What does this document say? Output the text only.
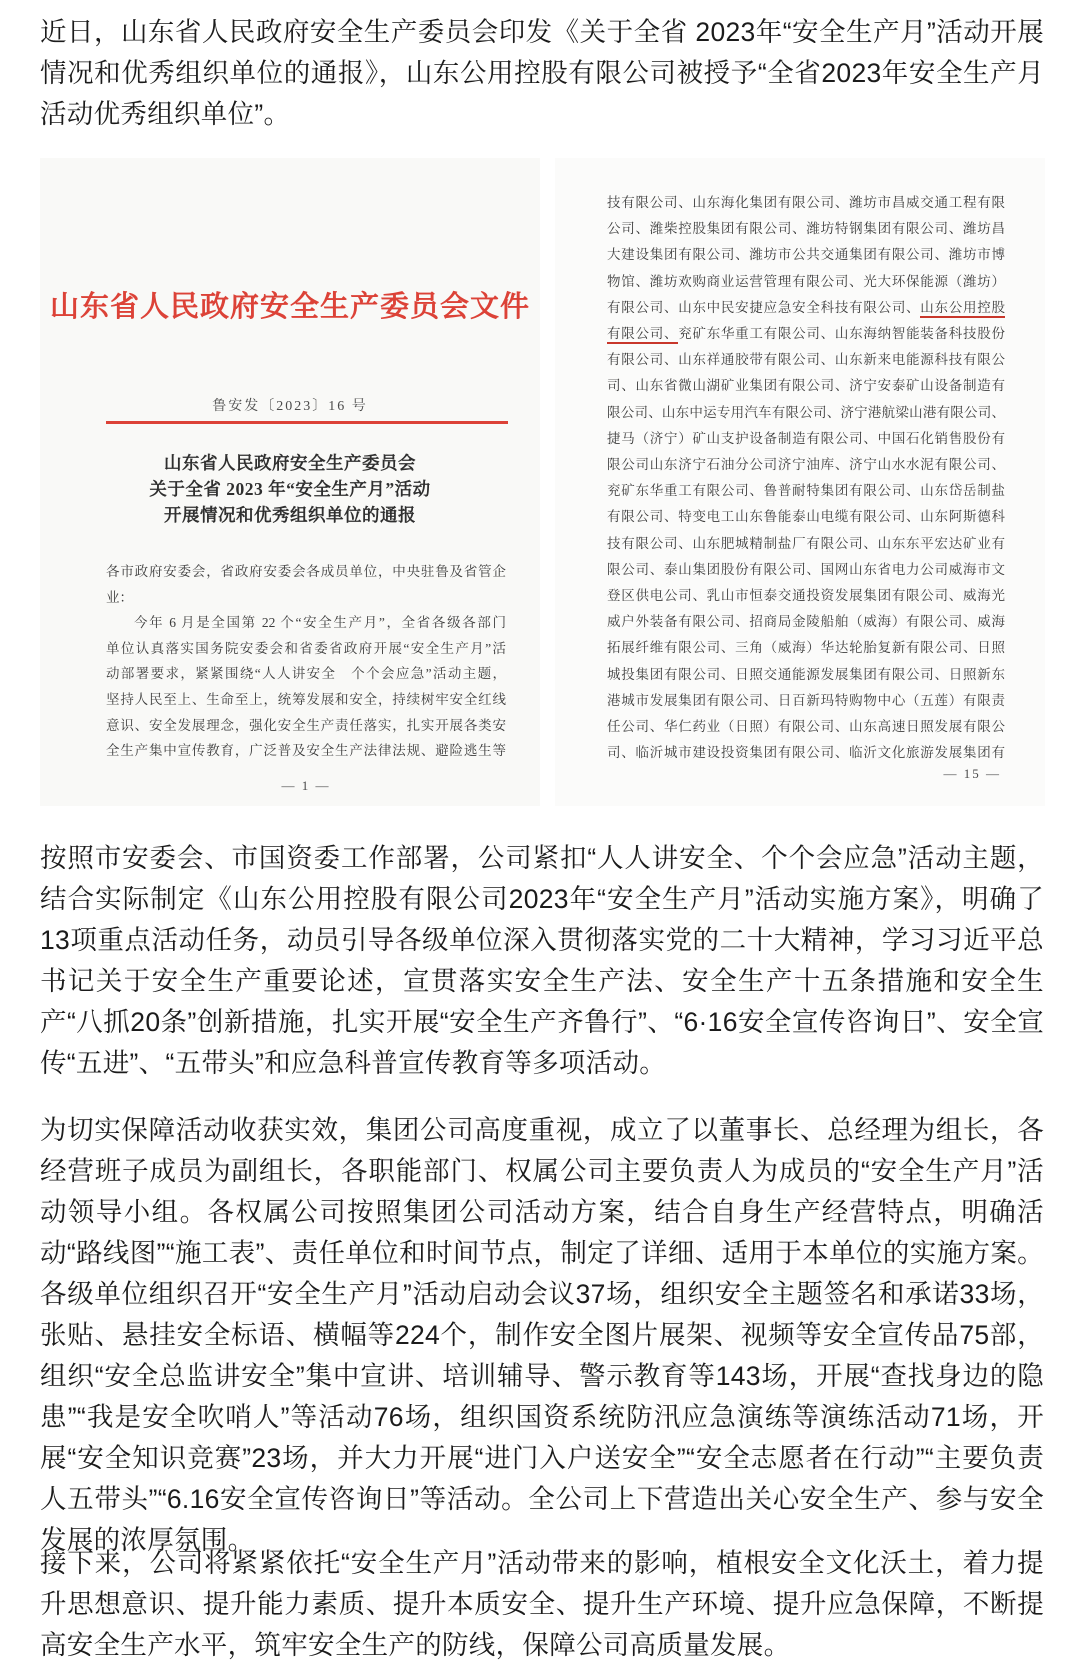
近日，山东省人民政府安全生产委员会印发《关于全省 2023年“安全生产月”活动开展情况和优秀组织单位的通报》，山东公用控股有限公司被授予“全省2023年安全生产月活动优秀组织单位”。

山东省人民政府安全生产委员会文件
鲁安发〔2023〕16 号
山东省人民政府安全生产委员会
关于全省 2023 年“安全生产月”活动
开展情况和优秀组织单位的通报
各市政府安委会，省政府安委会各成员单位，中央驻鲁及省管企
业：
今年 6 月是全国第 22 个“安全生产月”，全省各级各部门
单位认真落实国务院安委会和省委省政府开展“安全生产月”活
动部署要求，紧紧围绕“人人讲安全　个个会应急”活动主题，
坚持人民至上、生命至上，统筹发展和安全，持续树牢安全红线
意识、安全发展理念，强化安全生产责任落实，扎实开展各类安
全生产集中宣传教育，广泛普及安全生产法律法规、避险逃生等
— 1 —
技有限公司、山东海化集团有限公司、潍坊市昌威交通工程有限
公司、潍柴控股集团有限公司、潍坊特钢集团有限公司、潍坊昌
大建设集团有限公司、潍坊市公共交通集团有限公司、潍坊市博
物馆、潍坊欢购商业运营管理有限公司、光大环保能源（潍坊）
有限公司、山东中民安捷应急安全科技有限公司、山东公用控股
有限公司、兖矿东华重工有限公司、山东海纳智能装备科技股份
有限公司、山东祥通胶带有限公司、山东新来电能源科技有限公
司、山东省微山湖矿业集团有限公司、济宁安泰矿山设备制造有
限公司、山东中运专用汽车有限公司、济宁港航梁山港有限公司、
捷马（济宁）矿山支护设备制造有限公司、中国石化销售股份有
限公司山东济宁石油分公司济宁油库、济宁山水水泥有限公司、
兖矿东华重工有限公司、鲁普耐特集团有限公司、山东岱岳制盐
有限公司、特变电工山东鲁能泰山电缆有限公司、山东阿斯德科
技有限公司、山东肥城精制盐厂有限公司、山东东平宏达矿业有
限公司、泰山集团股份有限公司、国网山东省电力公司威海市文
登区供电公司、乳山市恒泰交通投资发展集团有限公司、威海光
威户外装备有限公司、招商局金陵船舶（威海）有限公司、威海
拓展纤维有限公司、三角（威海）华达轮胎复新有限公司、日照
城投集团有限公司、日照交通能源发展集团有限公司、日照新东
港城市发展集团有限公司、日百新玛特购物中心（五莲）有限责
任公司、华仁药业（日照）有限公司、山东高速日照发展有限公
司、临沂城市建设投资集团有限公司、临沂文化旅游发展集团有
— 15 —

按照市安委会、市国资委工作部署，公司紧扣“人人讲安全、个个会应急”活动主题，结合实际制定《山东公用控股有限公司2023年“安全生产月”活动实施方案》，明确了13项重点活动任务，动员引导各级单位深入贯彻落实党的二十大精神，学习习近平总书记关于安全生产重要论述，宣贯落实安全生产法、安全生产十五条措施和安全生产“八抓20条”创新措施，扎实开展“安全生产齐鲁行”、“6·16安全宣传咨询日”、安全宣传“五进”、“五带头”和应急科普宣传教育等多项活动。

为切实保障活动收获实效，集团公司高度重视，成立了以董事长、总经理为组长，各经营班子成员为副组长，各职能部门、权属公司主要负责人为成员的“安全生产月”活动领导小组。各权属公司按照集团公司活动方案，结合自身生产经营特点，明确活动“路线图”“施工表”、责任单位和时间节点，制定了详细、适用于本单位的实施方案。各级单位组织召开“安全生产月”活动启动会议37场，组织安全主题签名和承诺33场，张贴、悬挂安全标语、横幅等224个，制作安全图片展架、视频等安全宣传品75部，组织“安全总监讲安全”集中宣讲、培训辅导、警示教育等143场，开展“查找身边的隐患”“我是安全吹哨人”等活动76场，组织国资系统防汛应急演练等演练活动71场，开展“安全知识竞赛”23场，并大力开展“进门入户送安全”“安全志愿者在行动”“主要负责人五带头”“6.16安全宣传咨询日”等活动。全公司上下营造出关心安全生产、参与安全发展的浓厚氛围。

接下来，公司将紧紧依托“安全生产月”活动带来的影响，植根安全文化沃土，着力提升思想意识、提升能力素质、提升本质安全、提升生产环境、提升应急保障，不断提高安全生产水平，筑牢安全生产的防线，保障公司高质量发展。
